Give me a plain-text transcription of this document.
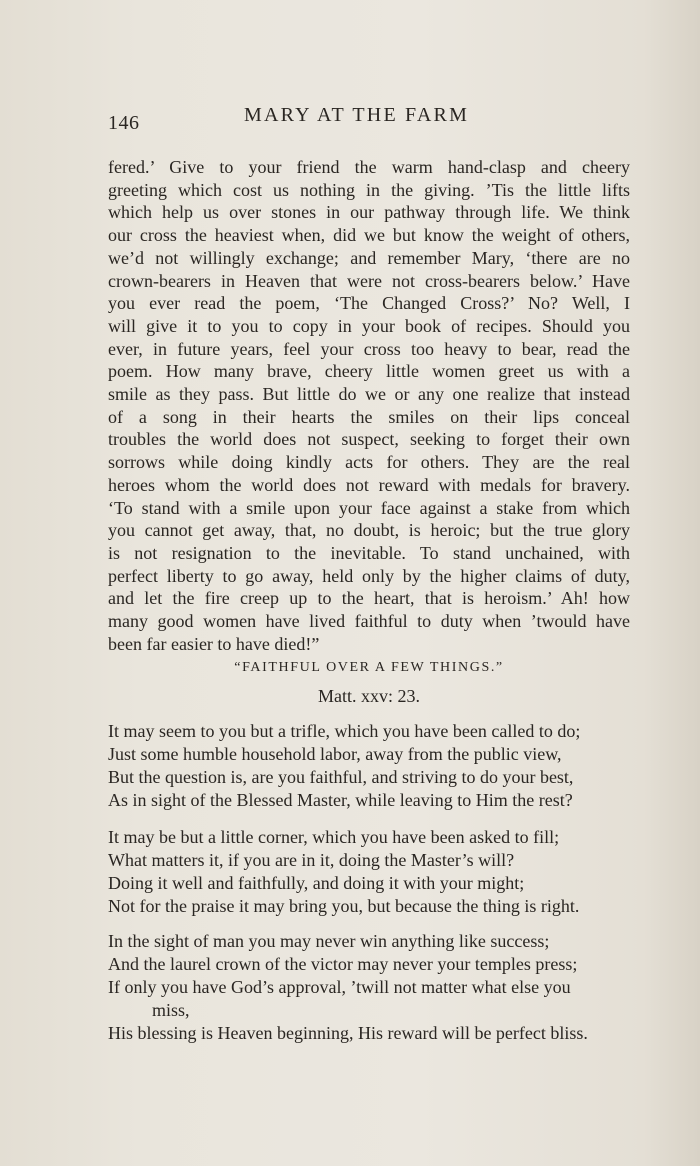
146	MARY AT THE FARM

fered.’ Give to your friend the warm hand-clasp and cheery

greeting which cost us nothing in the giving. ’Tis the little lifts

which help us over stones in our pathway through life. We think

our cross the heaviest when, did we but know the weight of others,

we’d not willingly exchange; and remember Mary, ‘there are no

crown-bearers in Heaven that were not cross-bearers below.’ Have

you ever read the poem, ‘The Changed Cross?’ No? Well, I

will give it to you to copy in your book of recipes. Should you

ever, in future years, feel your cross too heavy to bear, read the

poem. How many brave, cheery little women greet us with a

smile as they pass. But little do we or any one realize that instead

of a song in their hearts the smiles on their lips conceal

troubles the world does not suspect, seeking to forget their own

sorrows while doing kindly acts for others. They are the real

heroes whom the world does not reward with medals for bravery.

‘To stand with a smile upon your face against a stake from which

you cannot get away, that, no doubt, is heroic; but the true glory

is not resignation to the inevitable. To stand unchained, with

perfect liberty to go away, held only by the higher claims of duty,

and let the fire creep up to the heart, that is heroism.’ Ah! how

many good women have lived faithful to duty when ’twould have

been far easier to have died!”

“FAITHFUL OVER A FEW THINGS.”
Matt. xxv: 23.
It may seem to you but a trifle, which you have been called to do;
Just some humble household labor, away from the public view,
But the question is, are you faithful, and striving to do your best,
As in sight of the Blessed Master, while leaving to Him the rest?
It may be but a little corner, which you have been asked to fill;
What matters it, if you are in it, doing the Master’s will?
Doing it well and faithfully, and doing it with your might;
Not for the praise it may bring you, but because the thing is right.
In the sight of man you may never win anything like success;
And the laurel crown of the victor may never your temples press;
If only you have God’s approval, ’twill not matter what else you
miss,
His blessing is Heaven beginning, His reward will be perfect bliss.
